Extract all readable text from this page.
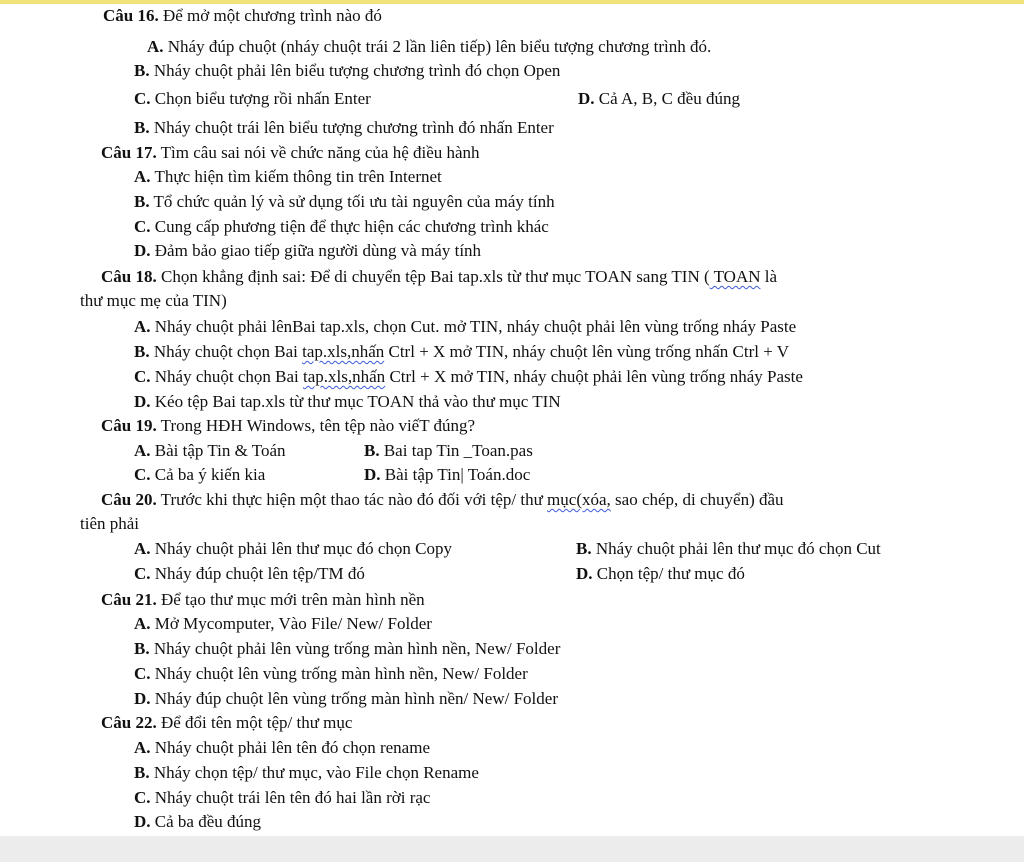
Câu 16. Để mở một chương trình nào đó
A. Nháy đúp chuột (nháy chuột trái 2 lần liên tiếp) lên biểu tượng chương trình đó.
B. Nháy chuột phải lên biểu tượng chương trình đó chọn Open
C. Chọn biểu tượng rồi nhấn Enter	D. Cả A, B, C đều đúng
B. Nháy chuột trái lên biểu tượng chương trình đó nhấn Enter
Câu 17. Tìm câu sai nói về chức năng của hệ điều hành
A. Thực hiện tìm kiếm thông tin trên Internet
B. Tổ chức quản lý và sử dụng tối ưu tài nguyên của máy tính
C. Cung cấp phương tiện để thực hiện các chương trình khác
D. Đảm bảo giao tiếp giữa người dùng và máy tính
Câu 18. Chọn khẳng định sai: Để di chuyển tệp Bai tap.xls từ thư mục TOAN sang TIN ( TOAN là
thư mục mẹ của TIN)
A. Nháy chuột phải lênBai tap.xls, chọn Cut. mở TIN, nháy chuột phải lên vùng trống nháy Paste
B. Nháy chuột chọn Bai tap.xls,nhấn Ctrl + X mở TIN, nháy chuột lên vùng trống nhấn Ctrl + V
C. Nháy chuột chọn Bai tap.xls,nhấn Ctrl + X mở TIN, nháy chuột phải lên vùng trống nháy Paste
D. Kéo tệp Bai tap.xls từ thư mục TOAN thả vào thư mục TIN
Câu 19. Trong HĐH Windows, tên tệp nào viếT đúng?
A. Bài tập Tin & Toán	B. Bai tap Tin _Toan.pas
C. Cả ba ý kiến kia	D. Bài tập Tin| Toán.doc
Câu 20. Trước khi thực hiện một thao tác nào đó đối với tệp/ thư mục(xóa, sao chép, di chuyển) đầu
tiên phải
A. Nháy chuột phải lên thư mục đó chọn Copy	B. Nháy chuột phải lên thư mục đó chọn Cut
C. Nháy đúp chuột lên tệp/TM đó	D. Chọn tệp/ thư mục đó
Câu 21. Để tạo thư mục mới trên màn hình nền
A. Mở Mycomputer, Vào File/ New/ Folder
B. Nháy chuột phải lên vùng trống màn hình nền, New/ Folder
C. Nháy chuột lên vùng trống màn hình nền, New/ Folder
D. Nháy đúp chuột lên vùng trống màn hình nền/ New/ Folder
Câu 22. Để đổi tên một tệp/ thư mục
A. Nháy chuột phải lên tên đó chọn rename
B. Nháy chọn tệp/ thư mục, vào File chọn Rename
C. Nháy chuột trái lên tên đó hai lần rời rạc
D. Cả ba đều đúng
